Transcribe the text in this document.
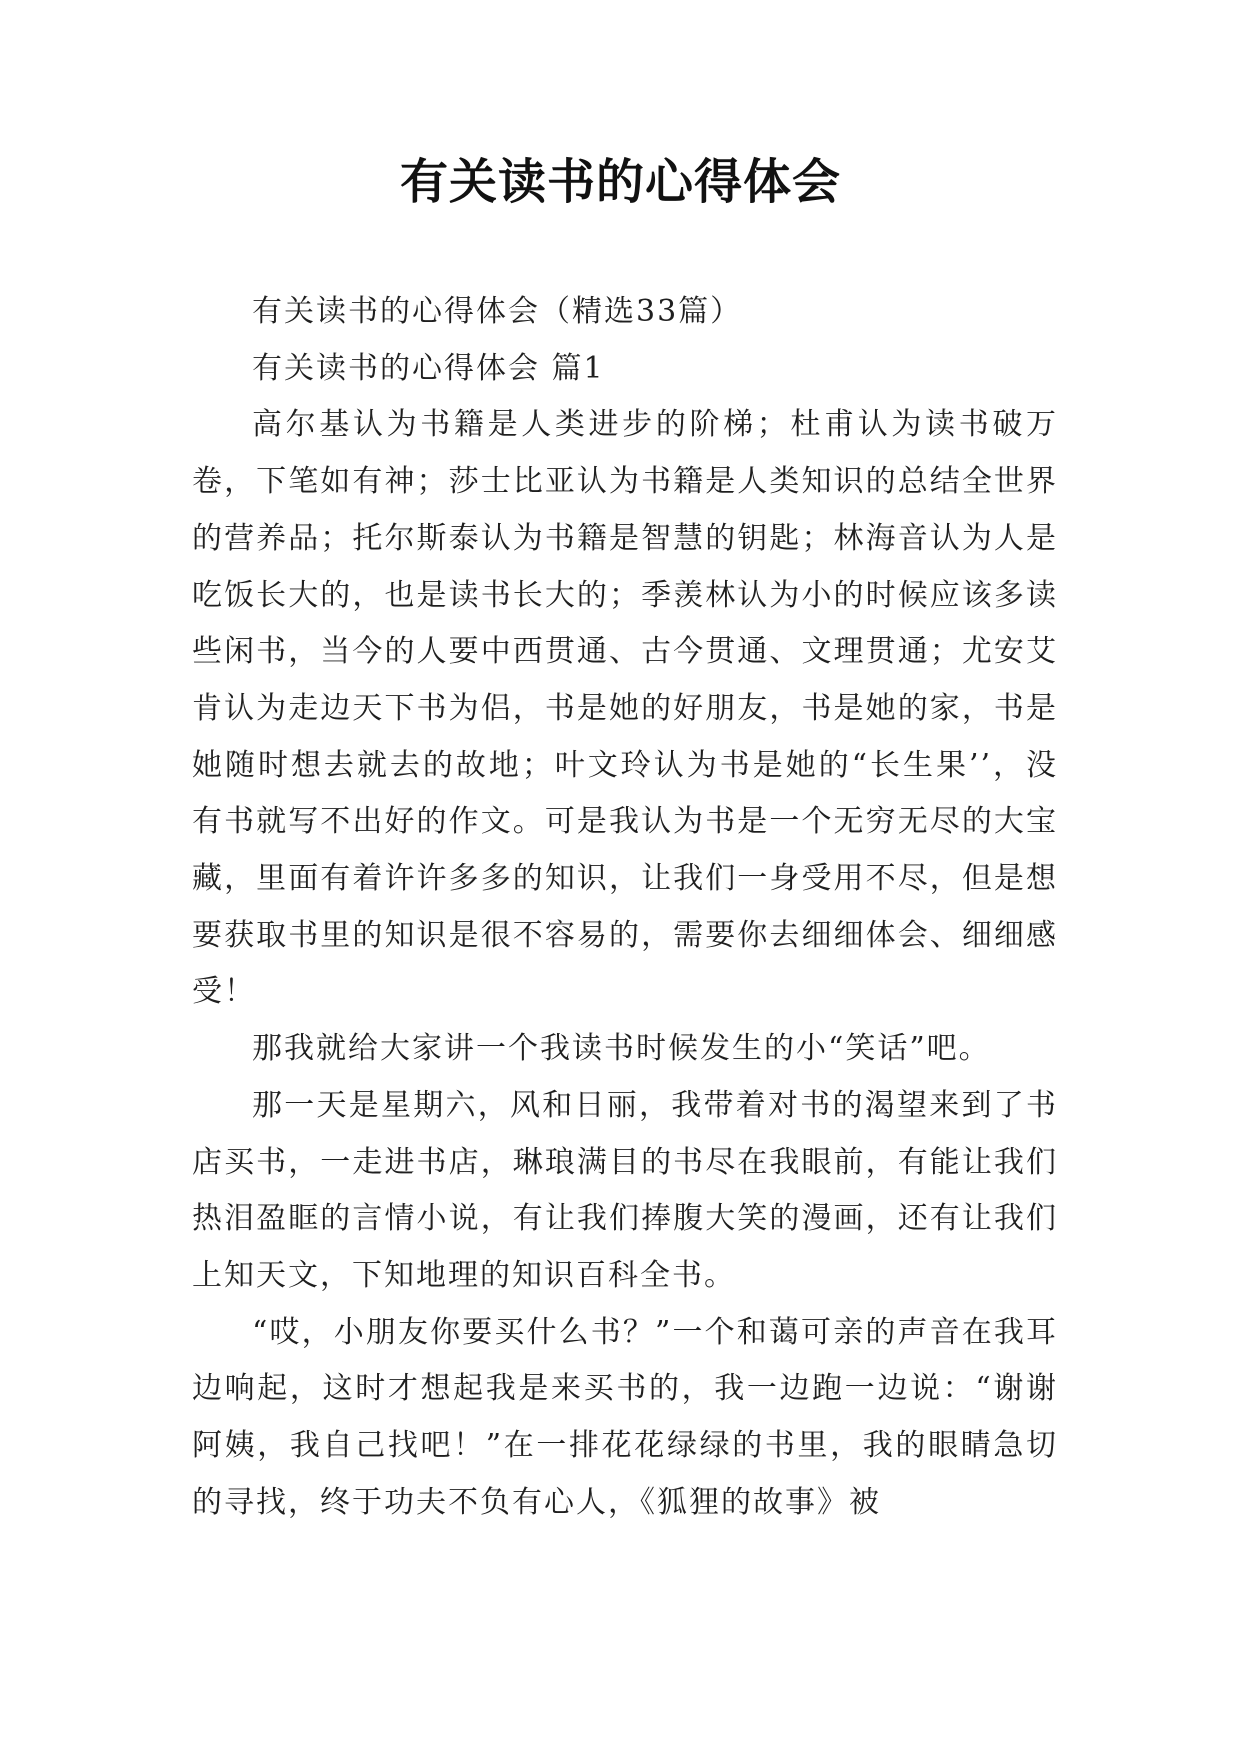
有关读书的心得体会

有关读书的心得体会（精选33篇）

有关读书的心得体会 篇1

高尔基认为书籍是人类进步的阶梯；杜甫认为读书破万卷，下笔如有神；莎士比亚认为书籍是人类知识的总结全世界的营养品；托尔斯泰认为书籍是智慧的钥匙；林海音认为人是吃饭长大的，也是读书长大的；季羡林认为小的时候应该多读些闲书，当今的人要中西贯通、古今贯通、文理贯通；尤安艾肯认为走边天下书为侣，书是她的好朋友，书是她的家，书是她随时想去就去的故地；叶文玲认为书是她的“长生果’’，没有书就写不出好的作文。可是我认为书是一个无穷无尽的大宝藏，里面有着许许多多的知识，让我们一身受用不尽，但是想要获取书里的知识是很不容易的，需要你去细细体会、细细感受！

那我就给大家讲一个我读书时候发生的小“笑话”吧。

那一天是星期六，风和日丽，我带着对书的渴望来到了书店买书，一走进书店，琳琅满目的书尽在我眼前，有能让我们热泪盈眶的言情小说，有让我们捧腹大笑的漫画，还有让我们上知天文，下知地理的知识百科全书。

“哎，小朋友你要买什么书？”一个和蔼可亲的声音在我耳边响起，这时才想起我是来买书的，我一边跑一边说：“谢谢阿姨，我自己找吧！”在一排花花绿绿的书里，我的眼睛急切的寻找，终于功夫不负有心人，《狐狸的故事》被
